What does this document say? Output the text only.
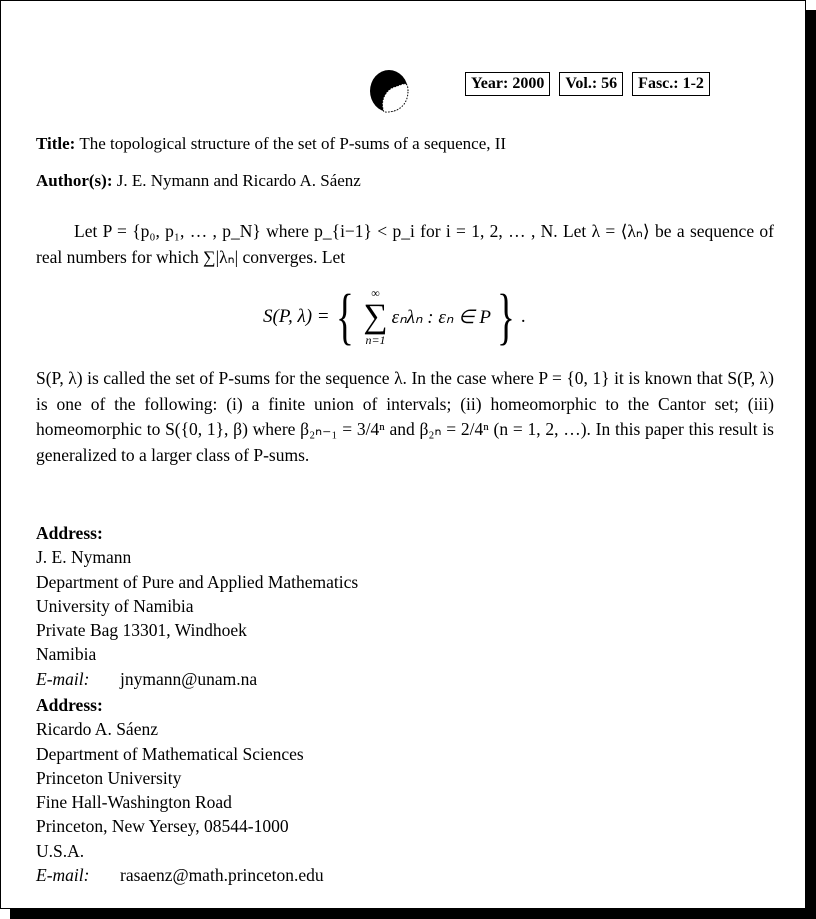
Year: 2000	Vol.: 56	Fasc.: 1-2
Title: The topological structure of the set of P-sums of a sequence, II
Author(s): J. E. Nymann and Ricardo A. Sáenz
Let P = {p₀, p₁, … , p_N} where p_{i−1} < p_i for i = 1, 2, … , N. Let λ = ⟨λₙ⟩ be a sequence of real numbers for which ∑|λₙ| converges. Let
S(P, λ) = { ∞
∑
n=1
εₙλₙ : εₙ ∈ P } .
S(P, λ) is called the set of P-sums for the sequence λ. In the case where P = {0, 1} it is known that S(P, λ) is one of the following: (i) a finite union of intervals; (ii) homeomorphic to the Cantor set; (iii) homeomorphic to S({0, 1}, β) where β₂ₙ₋₁ = 3/4ⁿ and β₂ₙ = 2/4ⁿ (n = 1, 2, …). In this paper this result is generalized to a larger class of P-sums.
Address:
J. E. Nymann
Department of Pure and Applied Mathematics
University of Namibia
Private Bag 13301, Windhoek
Namibia
E-mail: jnymann@unam.na
Address:
Ricardo A. Sáenz
Department of Mathematical Sciences
Princeton University
Fine Hall-Washington Road
Princeton, New Yersey, 08544-1000
U.S.A.
E-mail: rasaenz@math.princeton.edu
